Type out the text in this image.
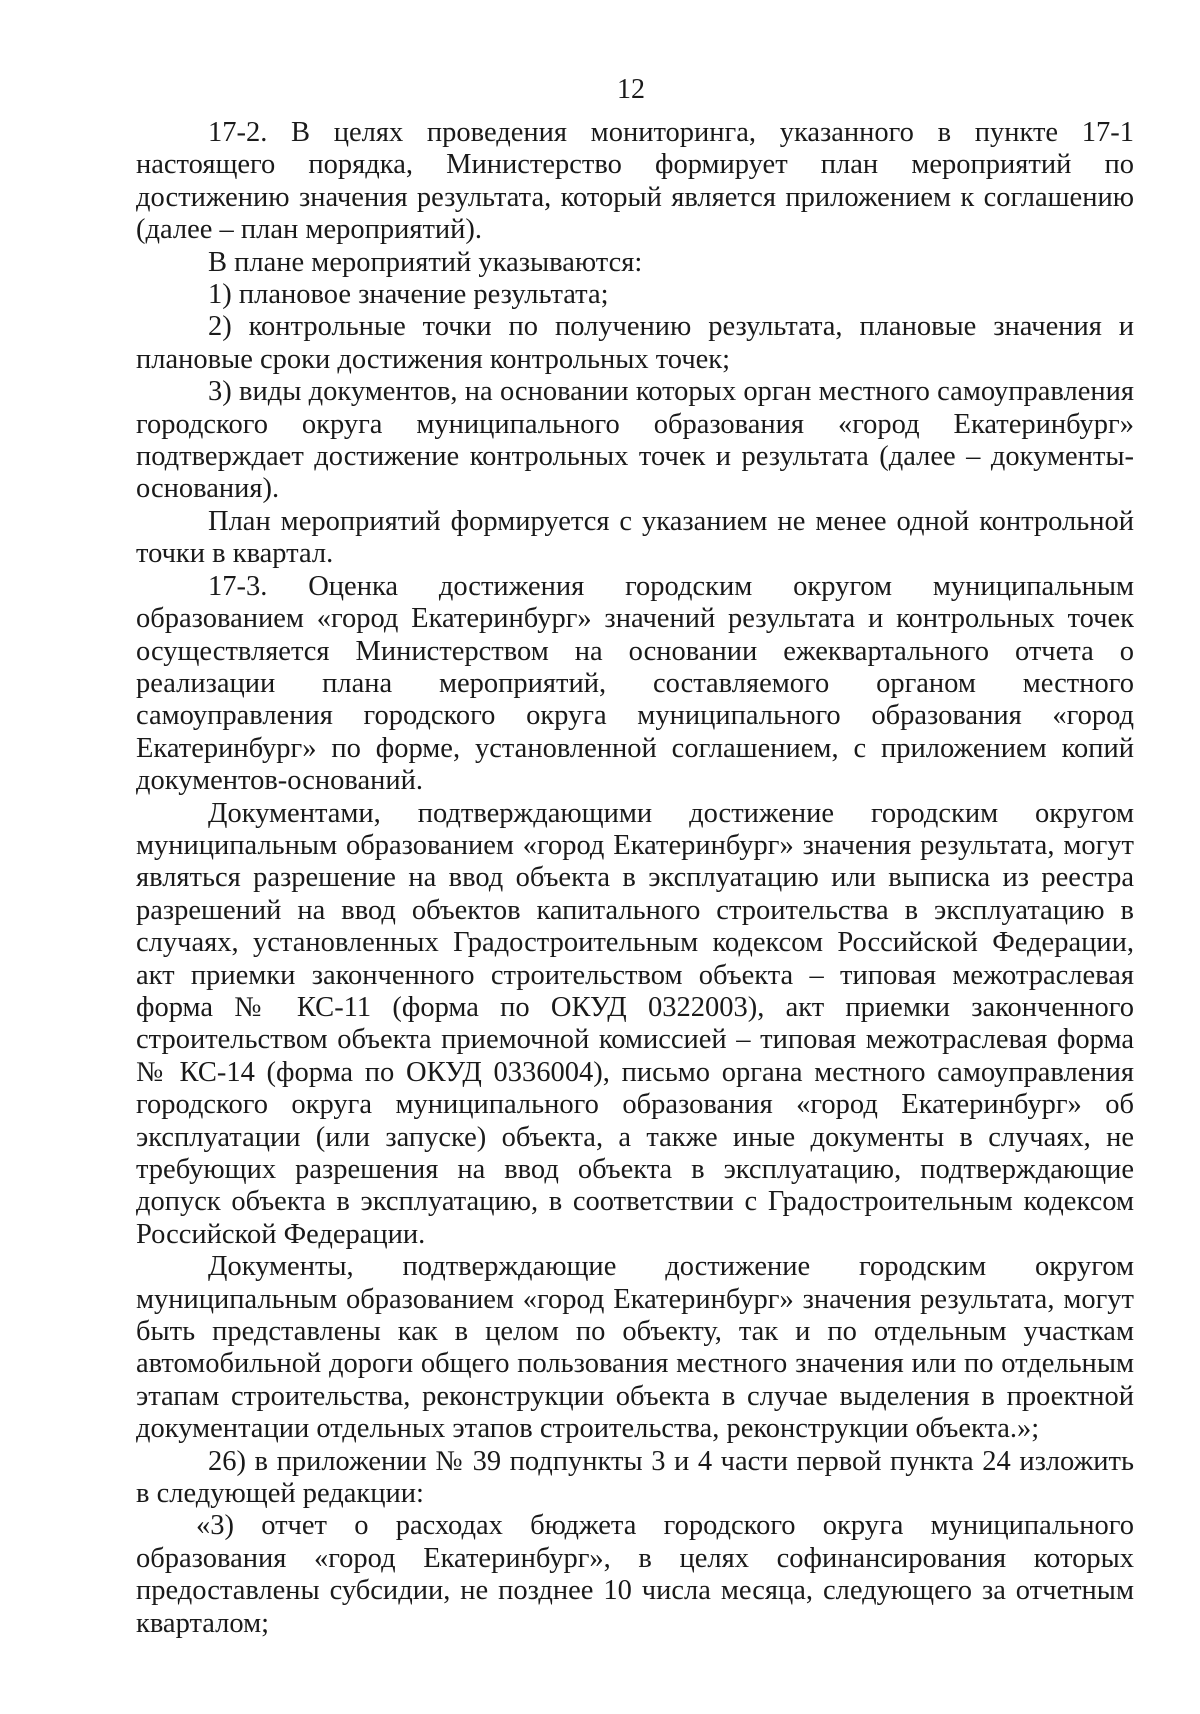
12

17-2. В целях проведения мониторинга, указанного в пункте 17-1 настоящего порядка, Министерство формирует план мероприятий по достижению значения результата, который является приложением к соглашению (далее – план мероприятий).

В плане мероприятий указываются:

1) плановое значение результата;

2) контрольные точки по получению результата, плановые значения и плановые сроки достижения контрольных точек;

3) виды документов, на основании которых орган местного самоуправления городского округа муниципального образования «город Екатеринбург» подтверждает достижение контрольных точек и результата (далее – документы-основания).

План мероприятий формируется с указанием не менее одной контрольной точки в квартал.

17-3. Оценка достижения городским округом муниципальным образованием «город Екатеринбург» значений результата и контрольных точек осуществляется Министерством на основании ежеквартального отчета о реализации плана мероприятий, составляемого органом местного самоуправления городского округа муниципального образования «город Екатеринбург» по форме, установленной соглашением, с приложением копий документов-оснований.

Документами, подтверждающими достижение городским округом муниципальным образованием «город Екатеринбург» значения результата, могут являться разрешение на ввод объекта в эксплуатацию или выписка из реестра разрешений на ввод объектов капитального строительства в эксплуатацию в случаях, установленных Градостроительным кодексом Российской Федерации, акт приемки законченного строительством объекта – типовая межотраслевая форма № КС-11 (форма по ОКУД 0322003), акт приемки законченного строительством объекта приемочной комиссией – типовая межотраслевая форма № КС-14 (форма по ОКУД 0336004), письмо органа местного самоуправления городского округа муниципального образования «город Екатеринбург» об эксплуатации (или запуске) объекта, а также иные документы в случаях, не требующих разрешения на ввод объекта в эксплуатацию, подтверждающие допуск объекта в эксплуатацию, в соответствии с Градостроительным кодексом Российской Федерации.

Документы, подтверждающие достижение городским округом муниципальным образованием «город Екатеринбург» значения результата, могут быть представлены как в целом по объекту, так и по отдельным участкам автомобильной дороги общего пользования местного значения или по отдельным этапам строительства, реконструкции объекта в случае выделения в проектной документации отдельных этапов строительства, реконструкции объекта.»;

26) в приложении № 39 подпункты 3 и 4 части первой пункта 24 изложить в следующей редакции:

«3) отчет о расходах бюджета городского округа муниципального образования «город Екатеринбург», в целях софинансирования которых предоставлены субсидии, не позднее 10 числа месяца, следующего за отчетным кварталом;
